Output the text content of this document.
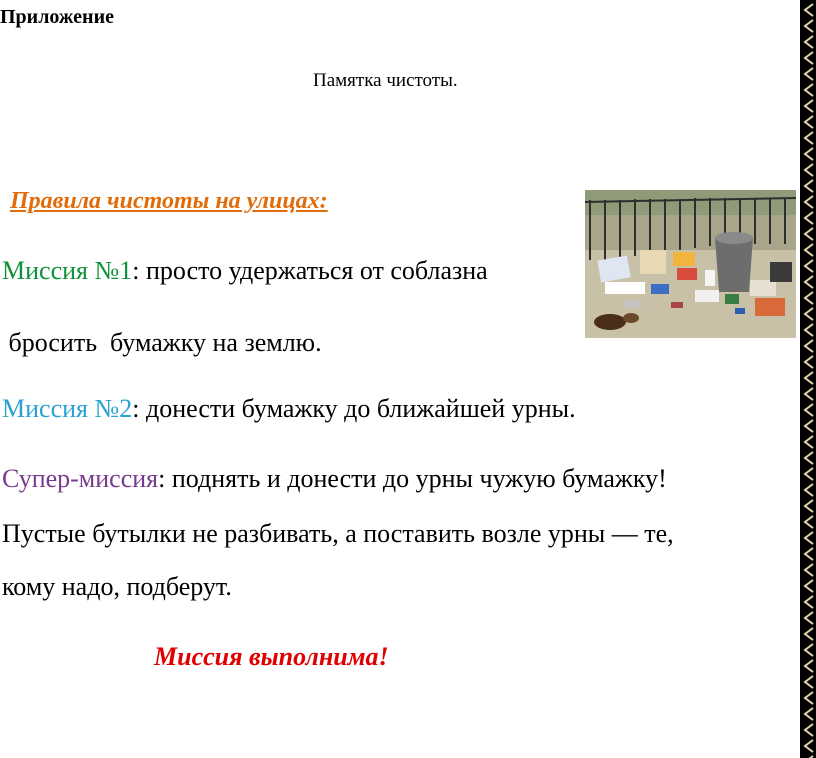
Приложение
Памятка чистоты.
Правила чистоты на улицах:
Миссия №1: просто удержаться от соблазна
бросить  бумажку на землю.
Миссия №2: донести бумажку до ближайшей урны.
Супер-миссия: поднять и донести до урны чужую бумажку!
Пустые бутылки не разбивать, а поставить возле урны — те,
кому надо, подберут.
Миссия выполнима!
